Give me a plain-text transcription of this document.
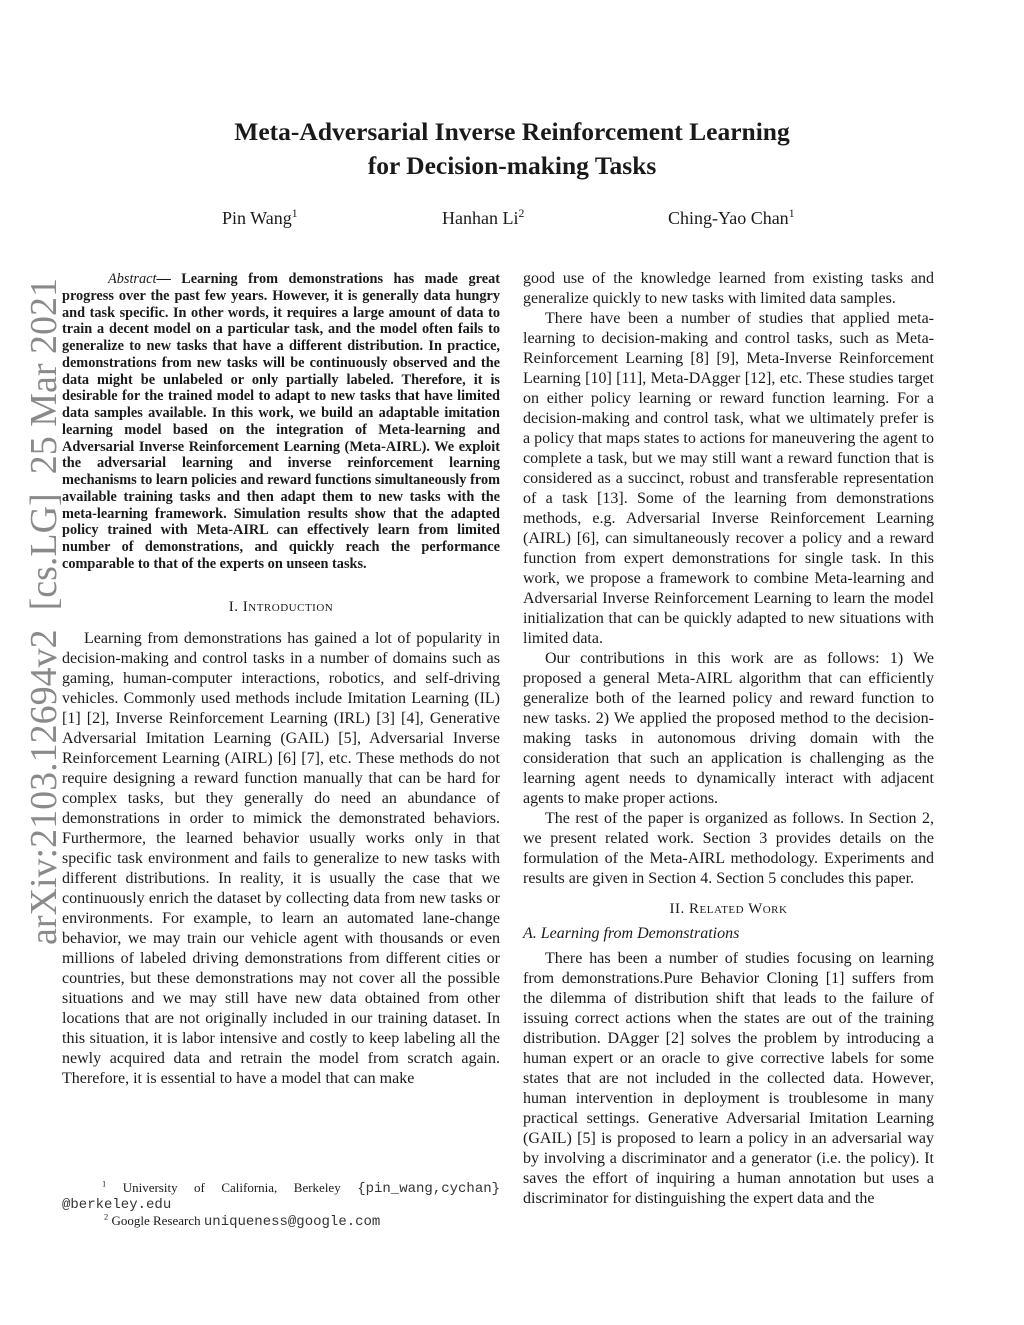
Meta-Adversarial Inverse Reinforcement Learning
for Decision-making Tasks
Pin Wang$^1$	Hanhan Li$^2$	Ching-Yao Chan$^1$
arXiv:2103.12694v2  [cs.LG]  25 Mar 2021	Abstract— Learning from demonstrations has made great progress over the past few years. However, it is generally data hungry and task specific. In other words, it requires a large amount of data to train a decent model on a particular task, and the model often fails to generalize to new tasks that have a different distribution. In practice, demonstrations from new tasks will be continuously observed and the data might be unlabeled or only partially labeled. Therefore, it is desirable for the trained model to adapt to new tasks that have limited data samples available. In this work, we build an adaptable imitation learning model based on the integration of Meta-learning and Adversarial Inverse Reinforcement Learning (Meta-AIRL). We exploit the adversarial learning and inverse reinforcement learning mechanisms to learn policies and reward functions simultaneously from available training tasks and then adapt them to new tasks with the meta-learning framework. Simulation results show that the adapted policy trained with Meta-AIRL can effectively learn from limited number of demonstrations, and quickly reach the performance comparable to that of the experts on unseen tasks.

I. Introduction

Learning from demonstrations has gained a lot of popularity in decision-making and control tasks in a number of domains such as gaming, human-computer interactions, robotics, and self-driving vehicles. Commonly used methods include Imitation Learning (IL) [1] [2], Inverse Reinforcement Learning (IRL) [3] [4], Generative Adversarial Imitation Learning (GAIL) [5], Adversarial Inverse Reinforcement Learning (AIRL) [6] [7], etc. These methods do not require designing a reward function manually that can be hard for complex tasks, but they generally do need an abundance of demonstrations in order to mimick the demonstrated behaviors. Furthermore, the learned behavior usually works only in that specific task environment and fails to generalize to new tasks with different distributions. In reality, it is usually the case that we continuously enrich the dataset by collecting data from new tasks or environments. For example, to learn an automated lane-change behavior, we may train our vehicle agent with thousands or even millions of labeled driving demonstrations from different cities or countries, but these demonstrations may not cover all the possible situations and we may still have new data obtained from other locations that are not originally included in our training dataset. In this situation, it is labor intensive and costly to keep labeling all the newly acquired data and retrain the model from scratch again. Therefore, it is essential to have a model that can make

$^1$ University of California, Berkeley {pin_wang,cychan}
@berkeley.edu
$^2$ Google Research uniqueness@google.com

good use of the knowledge learned from existing tasks and generalize quickly to new tasks with limited data samples.

There have been a number of studies that applied meta-learning to decision-making and control tasks, such as Meta-Reinforcement Learning [8] [9], Meta-Inverse Reinforcement Learning [10] [11], Meta-DAgger [12], etc. These studies target on either policy learning or reward function learning. For a decision-making and control task, what we ultimately prefer is a policy that maps states to actions for maneuvering the agent to complete a task, but we may still want a reward function that is considered as a succinct, robust and transferable representation of a task [13]. Some of the learning from demonstrations methods, e.g. Adversarial Inverse Reinforcement Learning (AIRL) [6], can simultaneously recover a policy and a reward function from expert demonstrations for single task. In this work, we propose a framework to combine Meta-learning and Adversarial Inverse Reinforcement Learning to learn the model initialization that can be quickly adapted to new situations with limited data.

Our contributions in this work are as follows: 1) We proposed a general Meta-AIRL algorithm that can efficiently generalize both of the learned policy and reward function to new tasks. 2) We applied the proposed method to the decision-making tasks in autonomous driving domain with the consideration that such an application is challenging as the learning agent needs to dynamically interact with adjacent agents to make proper actions.

The rest of the paper is organized as follows. In Section 2, we present related work. Section 3 provides details on the formulation of the Meta-AIRL methodology. Experiments and results are given in Section 4. Section 5 concludes this paper.

II. Related Work
A. Learning from Demonstrations

There has been a number of studies focusing on learning from demonstrations.Pure Behavior Cloning [1] suffers from the dilemma of distribution shift that leads to the failure of issuing correct actions when the states are out of the training distribution. DAgger [2] solves the problem by introducing a human expert or an oracle to give corrective labels for some states that are not included in the collected data. However, human intervention in deployment is troublesome in many practical settings. Generative Adversarial Imitation Learning (GAIL) [5] is proposed to learn a policy in an adversarial way by involving a discriminator and a generator (i.e. the policy). It saves the effort of inquiring a human annotation but uses a discriminator for distinguishing the expert data and the
